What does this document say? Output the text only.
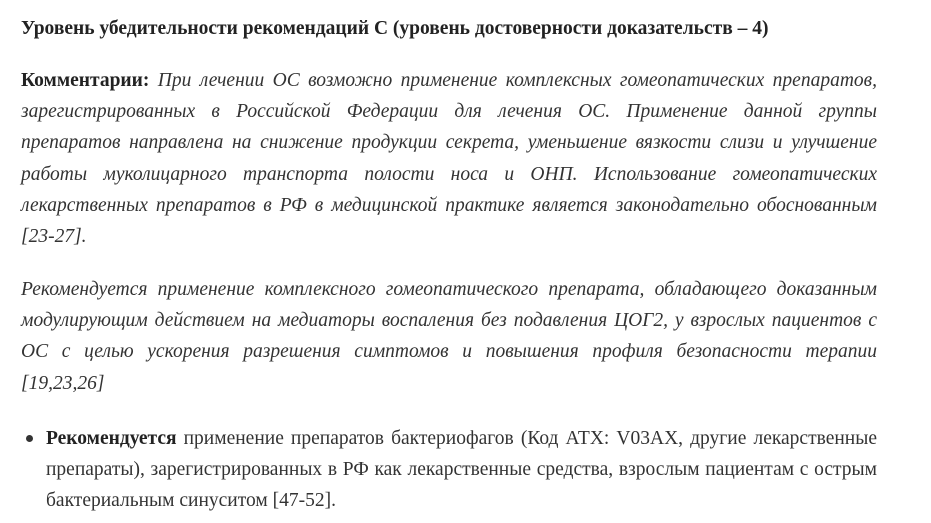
Уровень убедительности рекомендаций C (уровень достоверности доказательств – 4)
Комментарии: При лечении ОС возможно применение комплексных гомеопатических препаратов, зарегистрированных в Российской Федерации для лечения ОС. Применение данной группы препаратов направлена на снижение продукции секрета, уменьшение вязкости слизи и улучшение работы муколицарного транспорта полости носа и ОНП. Использование гомеопатических лекарственных препаратов в РФ в медицинской практике является законодательно обоснованным [23-27].
Рекомендуется применение комплексного гомеопатического препарата, обладающего доказанным модулирующим действием на медиаторы воспаления без подавления ЦОГ2, у взрослых пациентов с ОС с целью ускорения разрешения симптомов и повышения профиля безопасности терапии [19,23,26]
Рекомендуется применение препаратов бактериофагов (Код АТХ: V03AX, другие лекарственные препараты), зарегистрированных в РФ как лекарственные средства, взрослым пациентам с острым бактериальным синуситом [47-52].
